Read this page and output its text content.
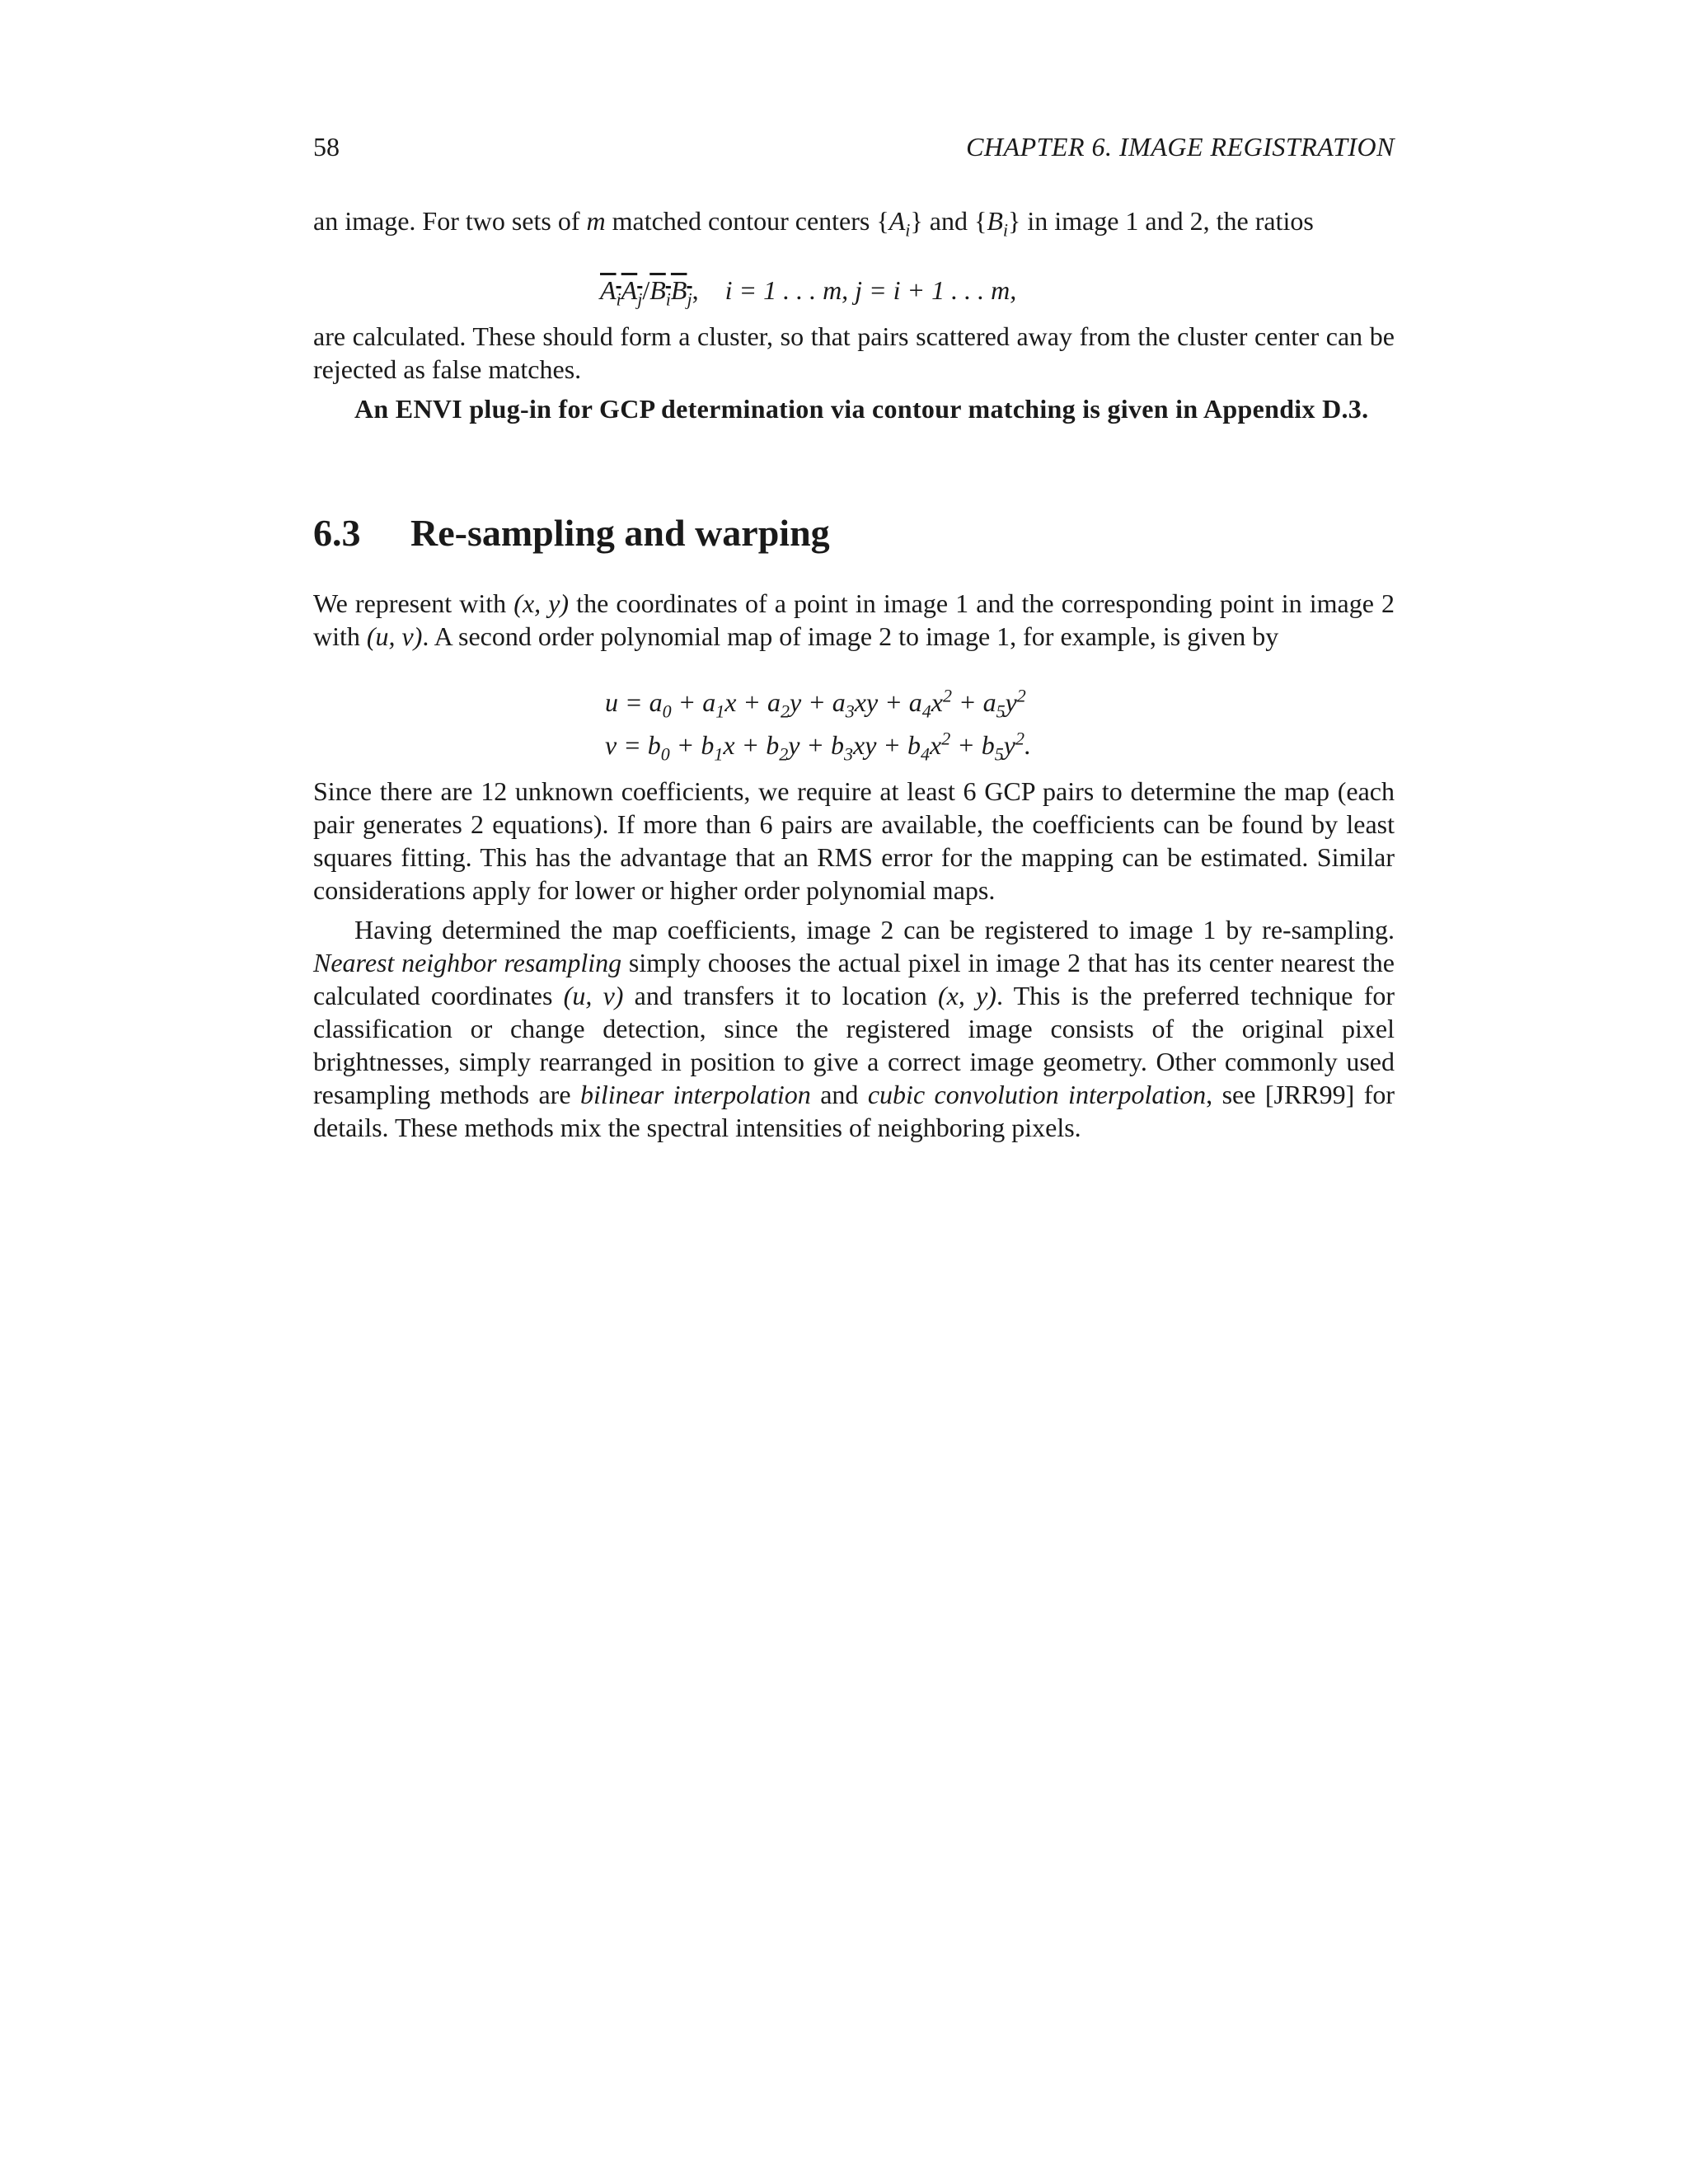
58	CHAPTER 6. IMAGE REGISTRATION
an image. For two sets of m matched contour centers $\{A_i\}$ and $\{B_i\}$ in image 1 and 2, the ratios
$A_iA_j/B_iB_j$,    i = 1 . . . m, j = i + 1 . . . m,
are calculated. These should form a cluster, so that pairs scattered away from the cluster center can be rejected as false matches.
An ENVI plug-in for GCP determination via contour matching is given in Appendix D.3.
6.3 Re-sampling and warping
We represent with (x, y) the coordinates of a point in image 1 and the corresponding point in image 2 with (u, v). A second order polynomial map of image 2 to image 1, for example, is given by
$u = a_0 + a_1x + a_2y + a_3xy + a_4x^2 + a_5y^2$
$v = b_0 + b_1x + b_2y + b_3xy + b_4x^2 + b_5y^2$.
Since there are 12 unknown coefficients, we require at least 6 GCP pairs to determine the map (each pair generates 2 equations). If more than 6 pairs are available, the coefficients can be found by least squares fitting. This has the advantage that an RMS error for the mapping can be estimated. Similar considerations apply for lower or higher order polynomial maps.
Having determined the map coefficients, image 2 can be registered to image 1 by re-sampling. Nearest neighbor resampling simply chooses the actual pixel in image 2 that has its center nearest the calculated coordinates (u, v) and transfers it to location (x, y). This is the preferred technique for classification or change detection, since the registered image consists of the original pixel brightnesses, simply rearranged in position to give a correct image geometry. Other commonly used resampling methods are bilinear interpolation and cubic convolution interpolation, see [JRR99] for details. These methods mix the spectral intensities of neighboring pixels.
